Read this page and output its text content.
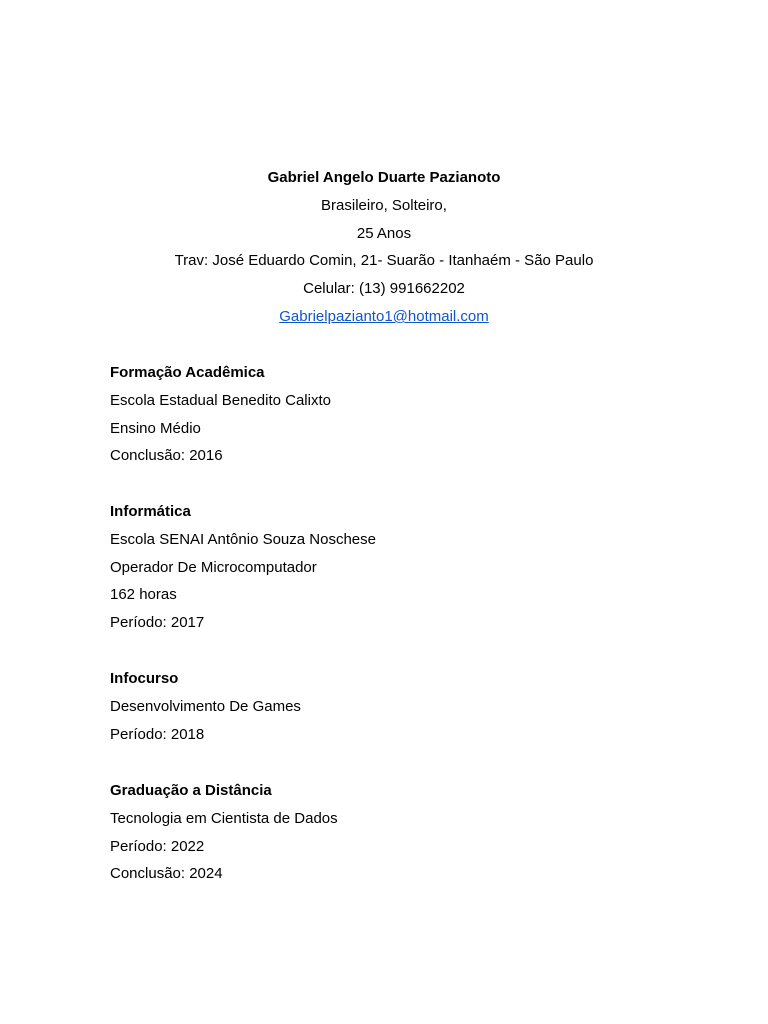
Gabriel Angelo Duarte Pazianoto
Brasileiro, Solteiro,
25 Anos
Trav: José Eduardo Comin, 21- Suarão - Itanhaém - São Paulo
Celular: (13) 991662202
Gabrielpazianto1@hotmail.com
Formação Acadêmica
Escola Estadual Benedito Calixto
Ensino Médio
Conclusão: 2016
Informática
Escola SENAI Antônio Souza Noschese
Operador De Microcomputador
162 horas
Período: 2017
Infocurso
Desenvolvimento De Games
Período: 2018
Graduação a Distância
Tecnologia em Cientista de Dados
Período: 2022
Conclusão: 2024
